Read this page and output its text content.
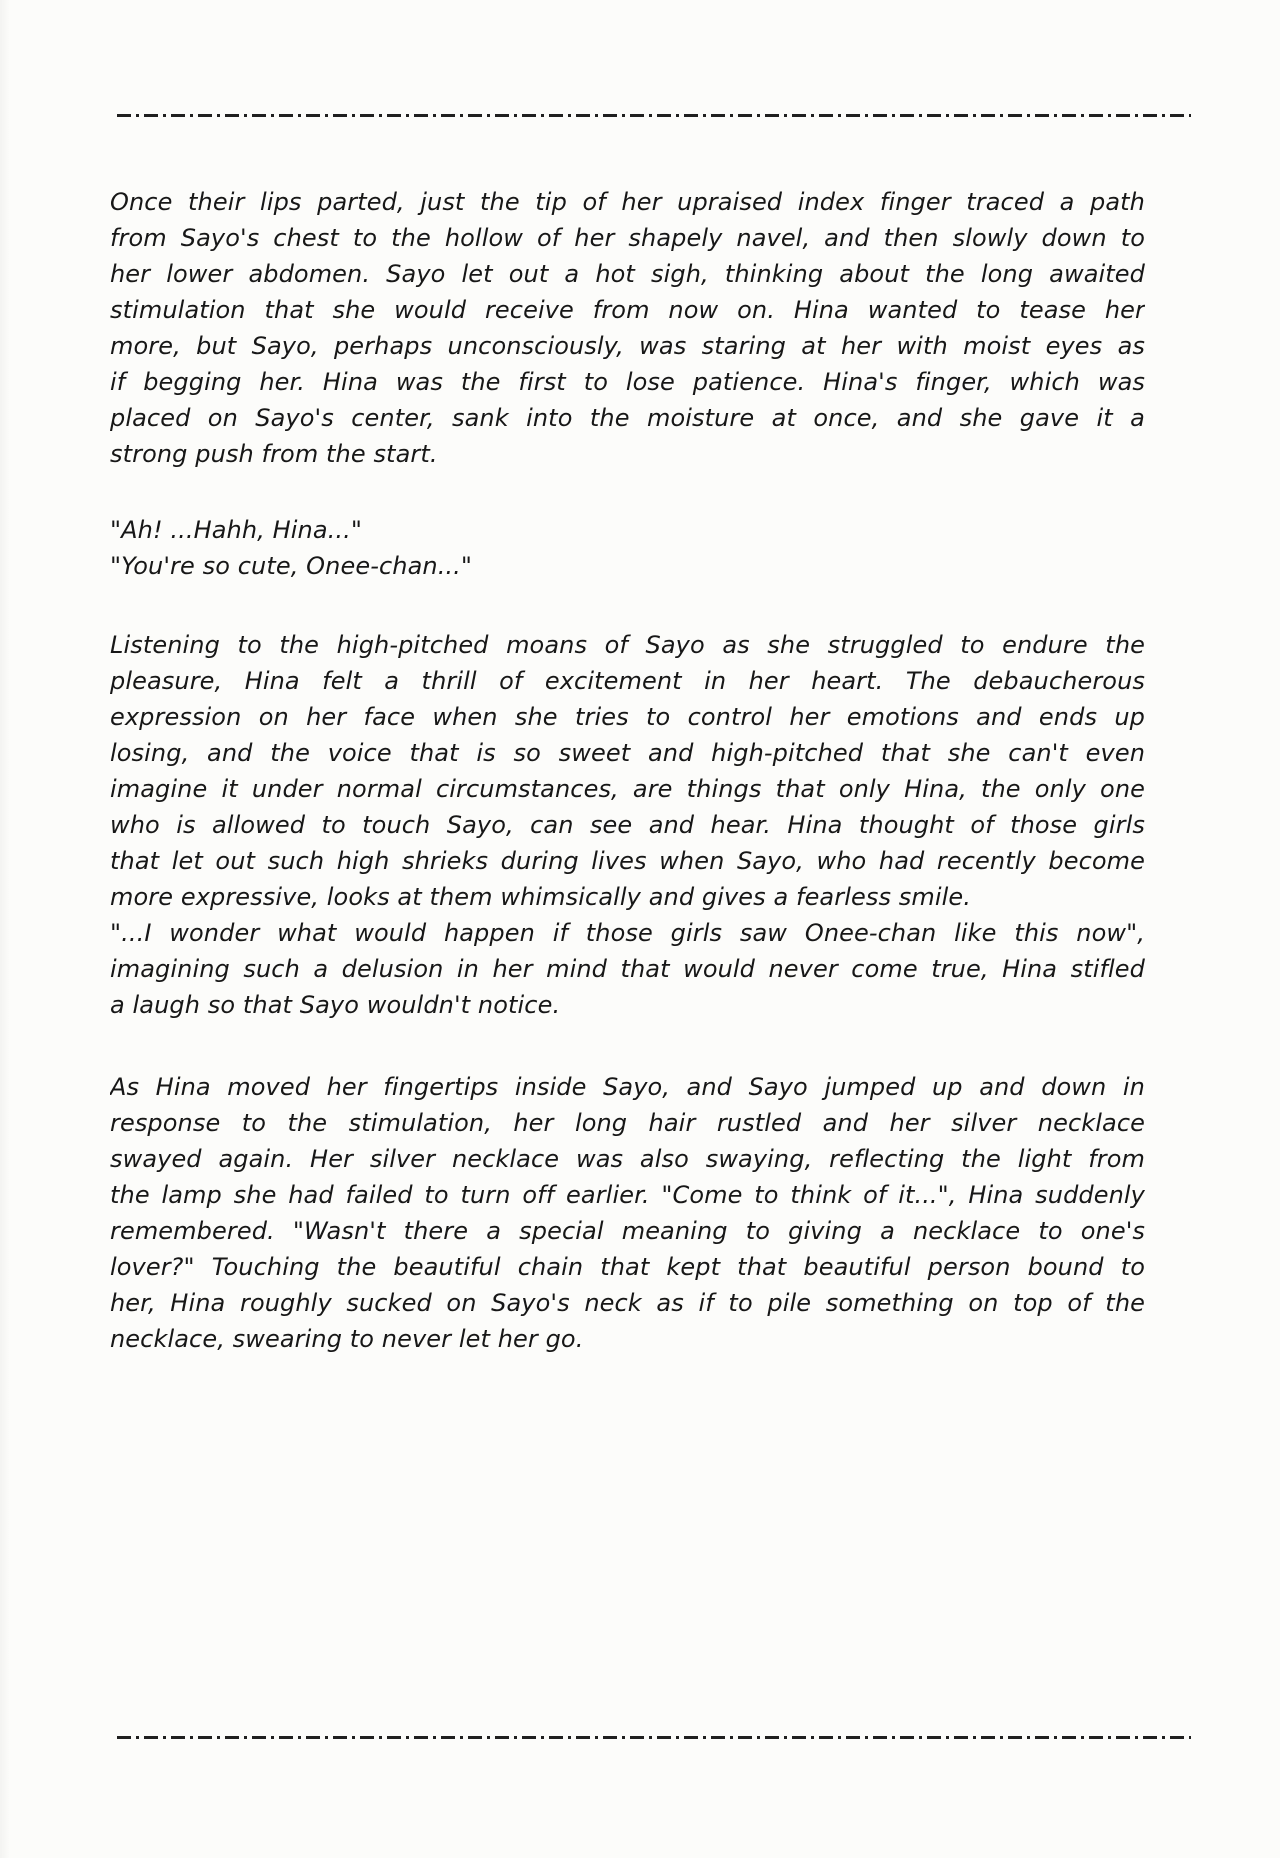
Once their lips parted, just the tip of her upraised index finger traced a path
from Sayo's chest to the hollow of her shapely navel, and then slowly down to
her lower abdomen. Sayo let out a hot sigh, thinking about the long awaited
stimulation that she would receive from now on. Hina wanted to tease her
more, but Sayo, perhaps unconsciously, was staring at her with moist eyes as
if begging her. Hina was the first to lose patience. Hina's finger, which was
placed on Sayo's center, sank into the moisture at once, and she gave it a
strong push from the start.
"Ah! ...Hahh, Hina..."
"You're so cute, Onee-chan..."
Listening to the high-pitched moans of Sayo as she struggled to endure the
pleasure, Hina felt a thrill of excitement in her heart. The debaucherous
expression on her face when she tries to control her emotions and ends up
losing, and the voice that is so sweet and high-pitched that she can't even
imagine it under normal circumstances, are things that only Hina, the only one
who is allowed to touch Sayo, can see and hear. Hina thought of those girls
that let out such high shrieks during lives when Sayo, who had recently become
more expressive, looks at them whimsically and gives a fearless smile.
"...I wonder what would happen if those girls saw Onee-chan like this now",
imagining such a delusion in her mind that would never come true, Hina stifled
a laugh so that Sayo wouldn't notice.
As Hina moved her fingertips inside Sayo, and Sayo jumped up and down in
response to the stimulation, her long hair rustled and her silver necklace
swayed again. Her silver necklace was also swaying, reflecting the light from
the lamp she had failed to turn off earlier. "Come to think of it...", Hina suddenly
remembered. "Wasn't there a special meaning to giving a necklace to one's
lover?" Touching the beautiful chain that kept that beautiful person bound to
her, Hina roughly sucked on Sayo's neck as if to pile something on top of the
necklace, swearing to never let her go.
